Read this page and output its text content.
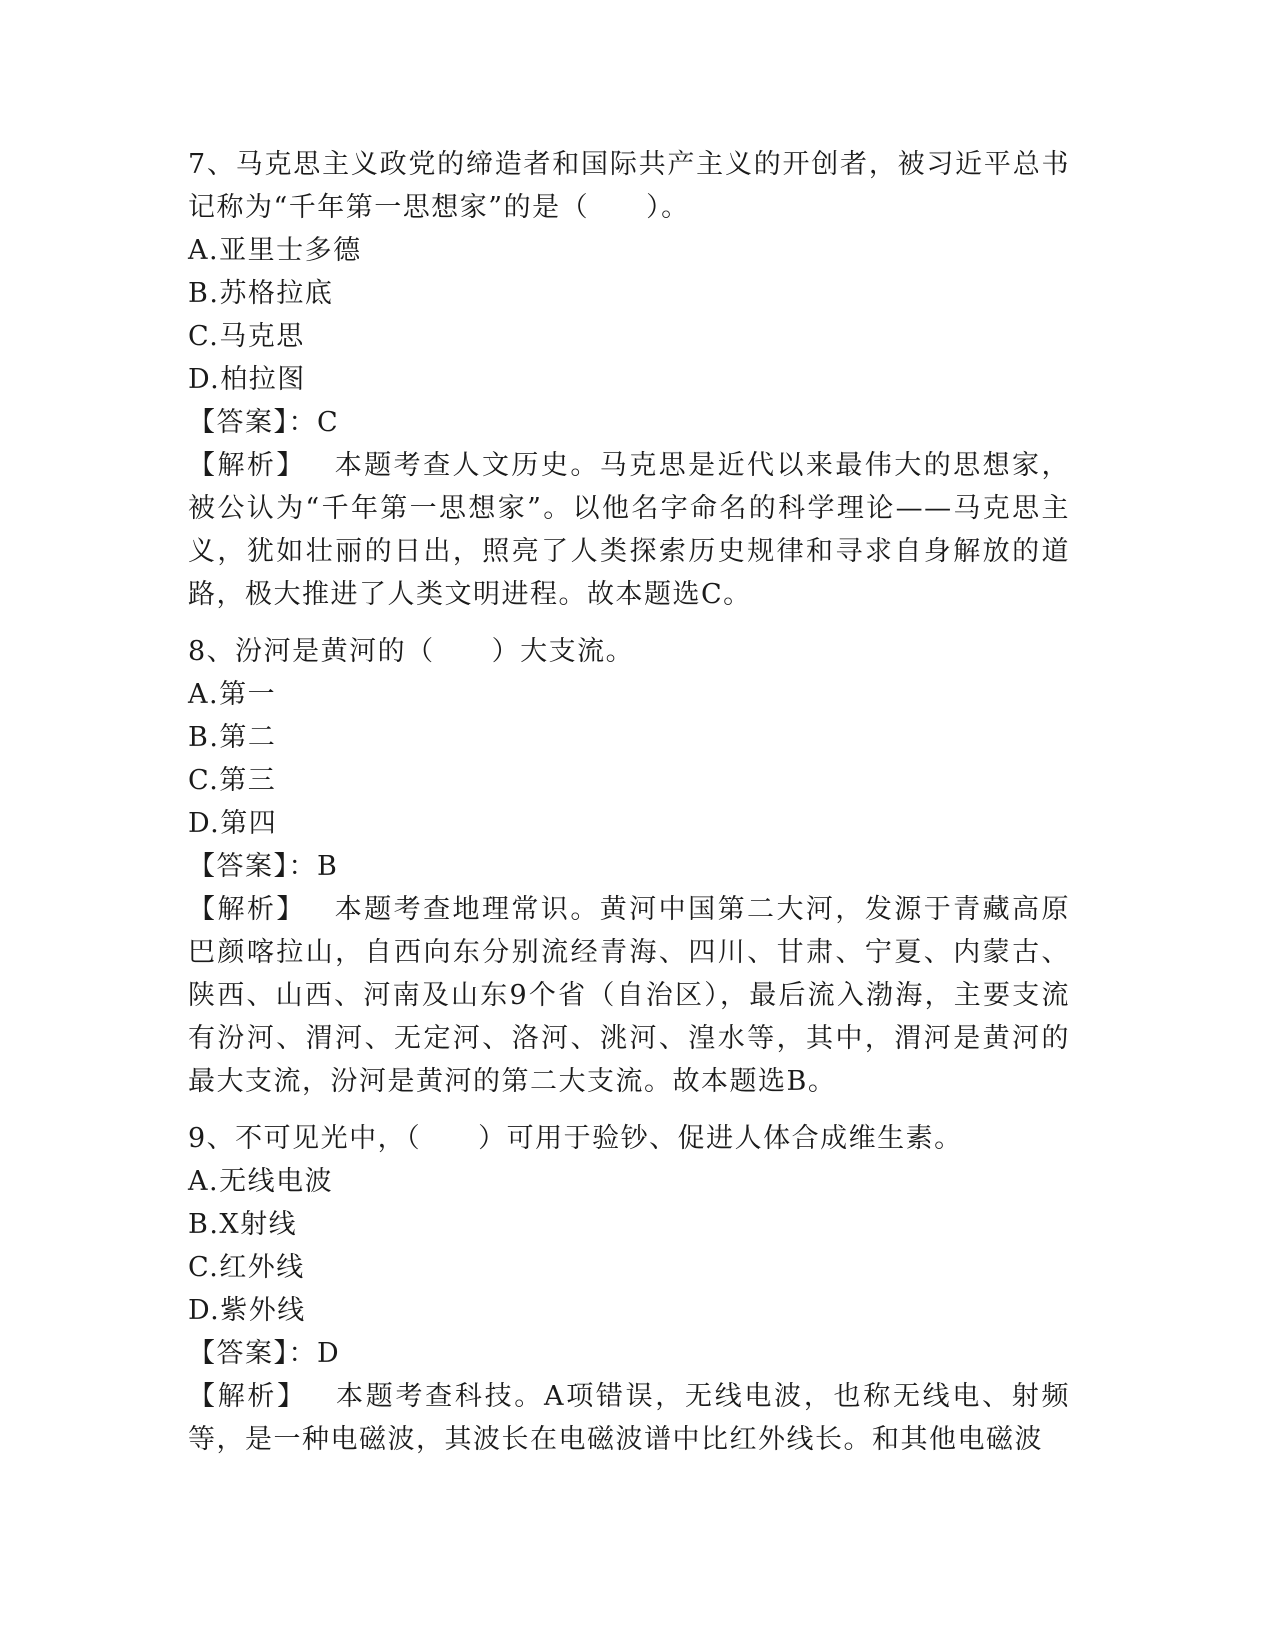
7、马克思主义政党的缔造者和国际共产主义的开创者，被习近平总书记称为“千年第一思想家”的是（　　）。

A.亚里士多德

B.苏格拉底

C.马克思

D.柏拉图

【答案】：C

【解析】 本题考查人文历史。马克思是近代以来最伟大的思想家，被公认为“千年第一思想家”。以他名字命名的科学理论——马克思主义，犹如壮丽的日出，照亮了人类探索历史规律和寻求自身解放的道路，极大推进了人类文明进程。故本题选C。

8、汾河是黄河的（　　）大支流。

A.第一

B.第二

C.第三

D.第四

【答案】：B

【解析】 本题考查地理常识。黄河中国第二大河，发源于青藏高原巴颜喀拉山，自西向东分别流经青海、四川、甘肃、宁夏、内蒙古、陕西、山西、河南及山东9个省（自治区），最后流入渤海，主要支流有汾河、渭河、无定河、洛河、洮河、湟水等，其中，渭河是黄河的最大支流，汾河是黄河的第二大支流。故本题选B。

9、不可见光中，（　　）可用于验钞、促进人体合成维生素。

A.无线电波

B.X射线

C.红外线

D.紫外线

【答案】：D

【解析】 本题考查科技。A项错误，无线电波，也称无线电、射频等，是一种电磁波，其波长在电磁波谱中比红外线长。和其他电磁波
